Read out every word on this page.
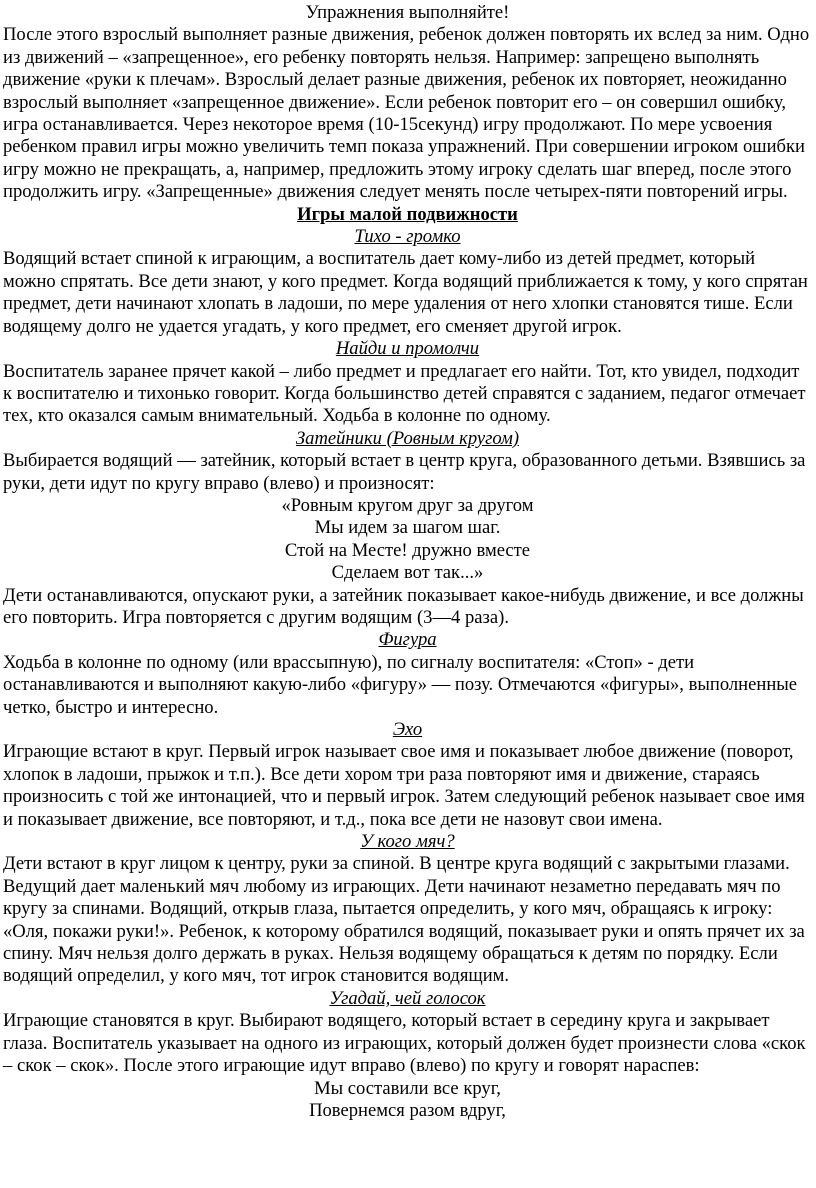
Упражнения выполняйте!
После этого взрослый выполняет разные движения, ребенок должен повторять их вслед за ним. Одно из движений – «запрещенное», его ребенку повторять нельзя. Например: запрещено выполнять движение «руки к плечам». Взрослый делает разные движения, ребенок их повторяет, неожиданно взрослый выполняет «запрещенное движение». Если ребенок повторит его – он совершил ошибку, игра останавливается. Через некоторое время (10-15секунд) игру продолжают. По мере усвоения ребенком правил игры можно увеличить темп показа упражнений. При совершении игроком ошибки игру можно не прекращать, а, например, предложить этому игроку сделать шаг вперед, после этого продолжить игру. «Запрещенные» движения следует менять после четырех-пяти повторений игры.
Игры малой подвижности
Тихо - громко
Водящий встает спиной к играющим, а воспитатель дает кому-либо из детей предмет, который можно спрятать. Все дети знают, у кого предмет. Когда водящий приближается к тому, у кого спрятан предмет, дети начинают хлопать в ладоши, по мере удаления от него хлопки становятся тише. Если водящему долго не удается угадать, у кого предмет, его сменяет другой игрок.
Найди и промолчи
Воспитатель заранее прячет какой – либо предмет и предлагает его найти. Тот, кто увидел, подходит к воспитателю и тихонько говорит. Когда большинство детей справятся с заданием, педагог отмечает тех, кто оказался самым внимательный. Ходьба в колонне по одному.
Затейники (Ровным кругом)
Выбирается водящий — затейник, который встает в центр круга, образованного детьми. Взявшись за руки, дети идут по кругу вправо (влево) и произносят:
«Ровным кругом друг за другом
Мы идем за шагом шаг.
Стой на Месте! дружно вместе
Сделаем вот так...»
Дети останавливаются, опускают руки, а затейник показывает какое-нибудь движение, и все должны его повторить. Игра повторяется с другим водящим (3—4 раза).
Фигура
Ходьба в колонне по одному (или врассыпную), по сигналу воспитателя: «Стоп» - дети останавливаются и выполняют какую-либо «фигуру» — позу. Отмечаются «фигуры», выполненные четко, быстро и интересно.
Эхо
Играющие встают в круг. Первый игрок называет свое имя и показывает любое движение (поворот, хлопок в ладоши, прыжок и т.п.). Все дети хором три раза повторяют имя и движение, стараясь произносить с той же интонацией, что и первый игрок. Затем следующий ребенок называет свое имя и показывает движение, все повторяют, и т.д., пока все дети не назовут свои имена.
У кого мяч?
Дети встают в круг лицом к центру, руки за спиной. В центре круга водящий с закрытыми глазами. Ведущий дает маленький мяч любому из играющих. Дети начинают незаметно передавать мяч по кругу за спинами. Водящий, открыв глаза, пытается определить, у кого мяч, обращаясь к игроку: «Оля, покажи руки!». Ребенок, к которому обратился водящий, показывает руки и опять прячет их за спину. Мяч нельзя долго держать в руках. Нельзя водящему обращаться к детям по порядку. Если водящий определил, у кого мяч, тот игрок становится водящим.
Угадай, чей голосок
Играющие становятся в круг. Выбирают водящего, который встает в середину круга и закрывает глаза. Воспитатель указывает на одного из играющих, который должен будет произнести слова «скок – скок – скок». После этого играющие идут вправо (влево) по кругу и говорят нараспев:
Мы составили все круг,
Повернемся разом вдруг,
